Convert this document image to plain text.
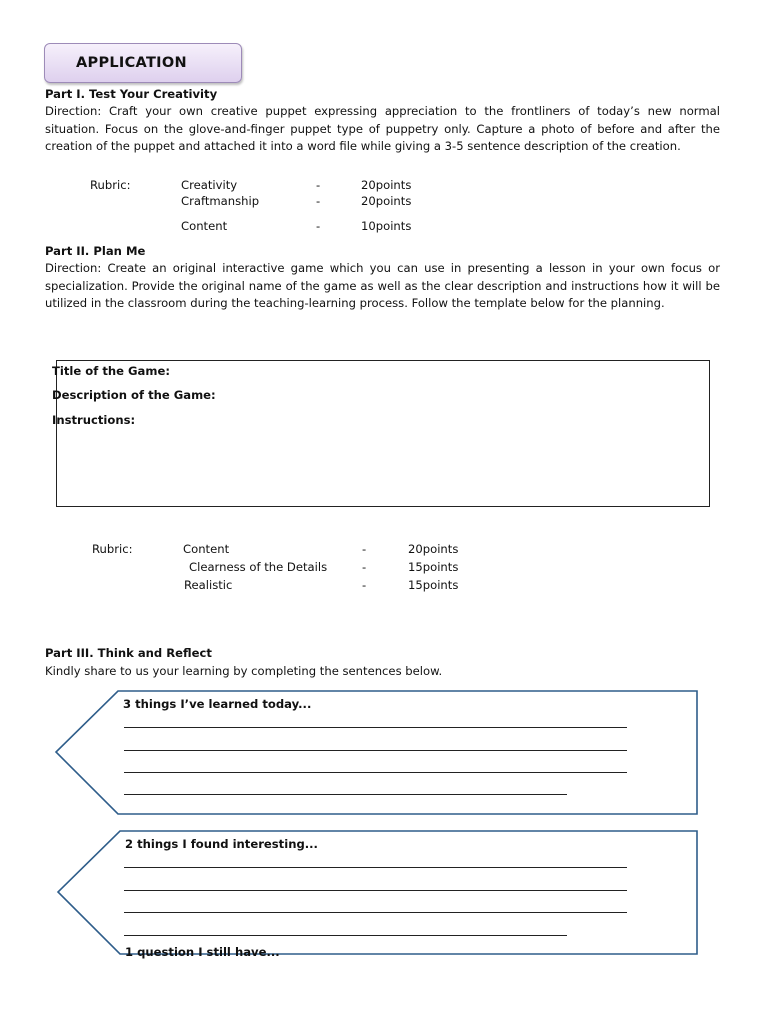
APPLICATION
Part I. Test Your Creativity
Direction: Craft your own creative puppet expressing appreciation to the frontliners of today’s new normal situation. Focus on the glove-and-finger puppet type of puppetry only. Capture a photo of before and after the creation of the puppet and attached it into a word file while giving a 3-5 sentence description of the creation.
Rubric:	Creativity	-	20points
Craftmanship	-	20points
Content	-	10points
Part II. Plan Me
Direction: Create an original interactive game which you can use in presenting a lesson in your own focus or specialization. Provide the original name of the game as well as the clear description and instructions how it will be utilized in the classroom during the teaching-learning process. Follow the template below for the planning.
Title of the Game:
Description of the Game:
Instructions:
Rubric:	Content	-	20points
Clearness of the Details	-	15points
Realistic	-	15points
Part III. Think and Reflect
Kindly share to us your learning by completing the sentences below.
3 things I’ve learned today...
2 things I found interesting...
1 question I still have...
